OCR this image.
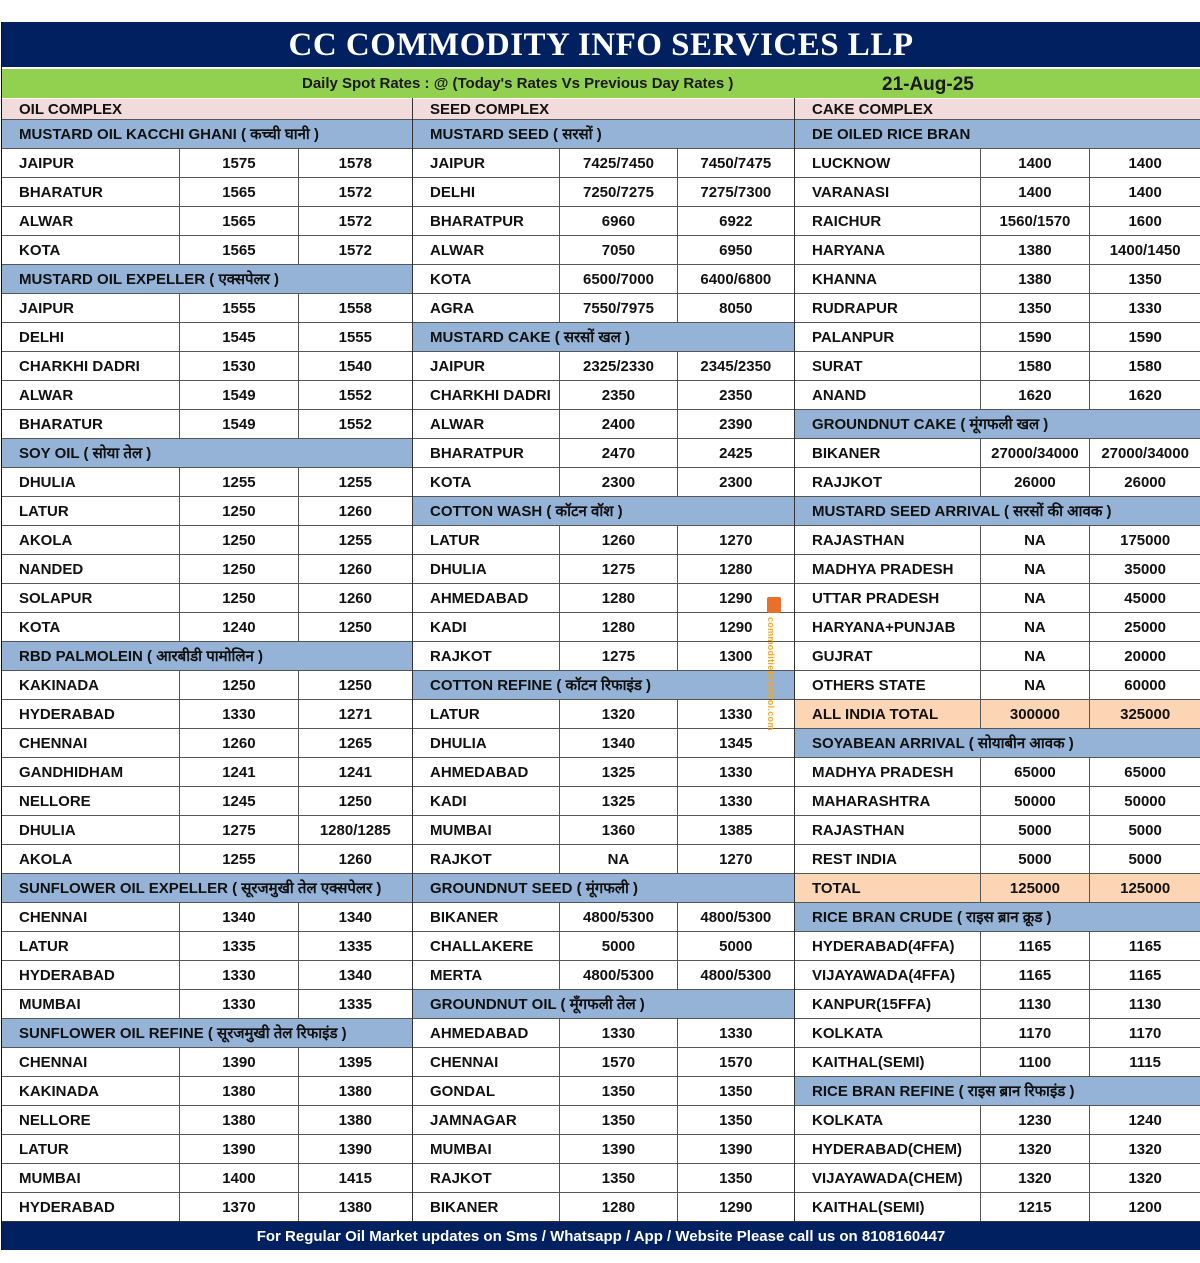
CC COMMODITY INFO SERVICES LLP
Daily Spot Rates : @ (Today's Rates Vs Previous Day Rates )	21-Aug-25
OIL COMPLEX
MUSTARD OIL KACCHI GHANI ( कच्ची घानी )
JAIPUR	1575	1578
BHARATUR	1565	1572
ALWAR	1565	1572
KOTA	1565	1572
MUSTARD OIL EXPELLER ( एक्सपेलर )
JAIPUR	1555	1558
DELHI	1545	1555
CHARKHI DADRI	1530	1540
ALWAR	1549	1552
BHARATUR	1549	1552
SOY OIL ( सोया तेल )
DHULIA	1255	1255
LATUR	1250	1260
AKOLA	1250	1255
NANDED	1250	1260
SOLAPUR	1250	1260
KOTA	1240	1250
RBD PALMOLEIN ( आरबीडी पामोलिन )
KAKINADA	1250	1250
HYDERABAD	1330	1271
CHENNAI	1260	1265
GANDHIDHAM	1241	1241
NELLORE	1245	1250
DHULIA	1275	1280/1285
AKOLA	1255	1260
SUNFLOWER OIL EXPELLER ( सूरजमुखी तेल एक्सपेलर )
CHENNAI	1340	1340
LATUR	1335	1335
HYDERABAD	1330	1340
MUMBAI	1330	1335
SUNFLOWER OIL REFINE ( सूरजमुखी तेल रिफाइंड )
CHENNAI	1390	1395
KAKINADA	1380	1380
NELLORE	1380	1380
LATUR	1390	1390
MUMBAI	1400	1415
HYDERABAD	1370	1380
SEED COMPLEX
MUSTARD SEED ( सरसों )
JAIPUR	7425/7450	7450/7475
DELHI	7250/7275	7275/7300
BHARATPUR	6960	6922
ALWAR	7050	6950
KOTA	6500/7000	6400/6800
AGRA	7550/7975	8050
MUSTARD CAKE ( सरसों खल )
JAIPUR	2325/2330	2345/2350
CHARKHI DADRI	2350	2350
ALWAR	2400	2390
BHARATPUR	2470	2425
KOTA	2300	2300
COTTON WASH ( कॉटन वॉश )
LATUR	1260	1270
DHULIA	1275	1280
AHMEDABAD	1280	1290
KADI	1280	1290
RAJKOT	1275	1300
COTTON REFINE ( कॉटन रिफाइंड )
LATUR	1320	1330
DHULIA	1340	1345
AHMEDABAD	1325	1330
KADI	1325	1330
MUMBAI	1360	1385
RAJKOT	NA	1270
GROUNDNUT SEED ( मूंगफली )
BIKANER	4800/5300	4800/5300
CHALLAKERE	5000	5000
MERTA	4800/5300	4800/5300
GROUNDNUT OIL ( मूँगफली तेल )
AHMEDABAD	1330	1330
CHENNAI	1570	1570
GONDAL	1350	1350
JAMNAGAR	1350	1350
MUMBAI	1390	1390
RAJKOT	1350	1350
BIKANER	1280	1290
CAKE COMPLEX
DE OILED RICE BRAN
LUCKNOW	1400	1400
VARANASI	1400	1400
RAICHUR	1560/1570	1600
HARYANA	1380	1400/1450
KHANNA	1380	1350
RUDRAPUR	1350	1330
PALANPUR	1590	1590
SURAT	1580	1580
ANAND	1620	1620
GROUNDNUT CAKE ( मूंगफली खल )
BIKANER	27000/34000	27000/34000
RAJJKOT	26000	26000
MUSTARD SEED ARRIVAL ( सरसों की आवक )
RAJASTHAN	NA	175000
MADHYA PRADESH	NA	35000
UTTAR PRADESH	NA	45000
HARYANA+PUNJAB	NA	25000
GUJRAT	NA	20000
OTHERS STATE	NA	60000
ALL INDIA TOTAL	300000	325000
SOYABEAN ARRIVAL ( सोयाबीन आवक )
MADHYA PRADESH	65000	65000
MAHARASHTRA	50000	50000
RAJASTHAN	5000	5000
REST INDIA	5000	5000
TOTAL	125000	125000
RICE BRAN CRUDE ( राइस ब्रान क्रूड )
HYDERABAD(4FFA)	1165	1165
VIJAYAWADA(4FFA)	1165	1165
KANPUR(15FFA)	1130	1130
KOLKATA	1170	1170
KAITHAL(SEMI)	1100	1115
RICE BRAN REFINE ( राइस ब्रान रिफाइंड )
KOLKATA	1230	1240
HYDERABAD(CHEM)	1320	1320
VIJAYAWADA(CHEM)	1320	1320
KAITHAL(SEMI)	1215	1200
For Regular Oil Market updates on Sms / Whatsapp / App / Website Please call us on 8108160447
commoditiescontrol.com
